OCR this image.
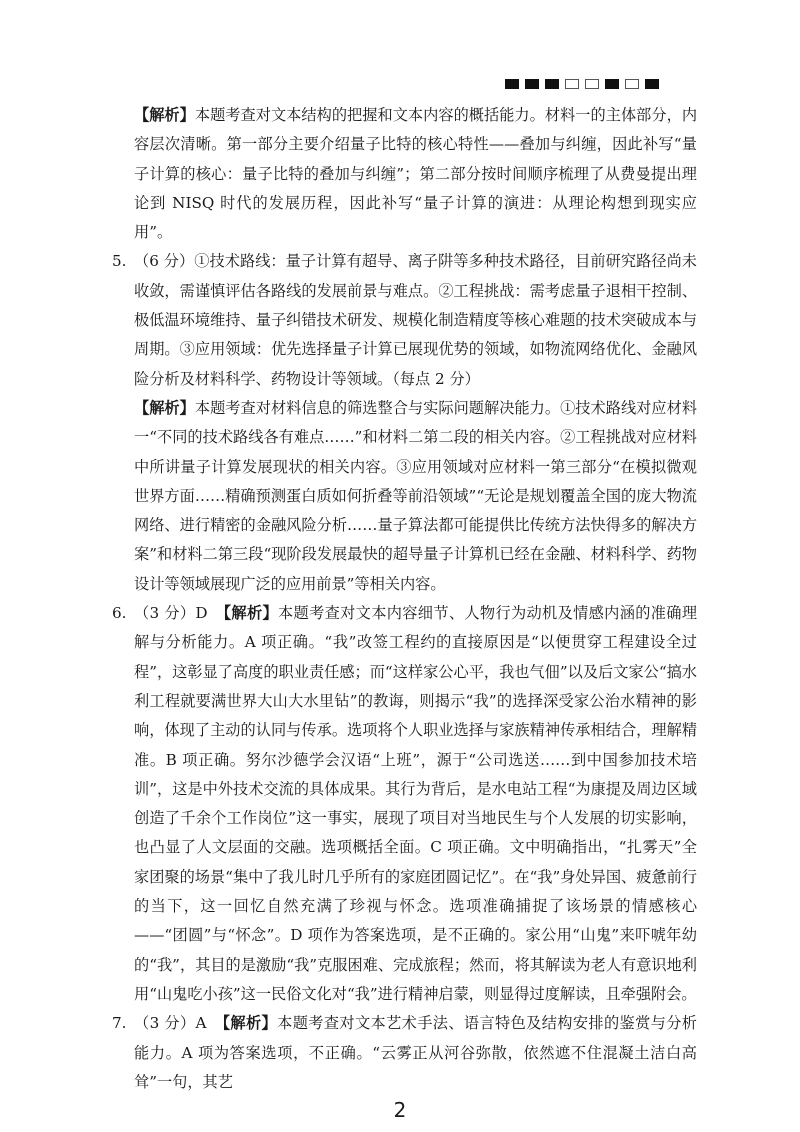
【解析】本题考查对文本结构的把握和文本内容的概括能力。材料一的主体部分，内容层次清晰。第一部分主要介绍量子比特的核心特性——叠加与纠缠，因此补写“量子计算的核心：量子比特的叠加与纠缠”；第二部分按时间顺序梳理了从费曼提出理论到 NISQ 时代的发展历程，因此补写“量子计算的演进：从理论构想到现实应用”。
5. （6 分）①技术路线：量子计算有超导、离子阱等多种技术路径，目前研究路径尚未收敛，需谨慎评估各路线的发展前景与难点。②工程挑战：需考虑量子退相干控制、极低温环境维持、量子纠错技术研发、规模化制造精度等核心难题的技术突破成本与周期。③应用领域：优先选择量子计算已展现优势的领域，如物流网络优化、金融风险分析及材料科学、药物设计等领域。（每点 2 分）
【解析】本题考查对材料信息的筛选整合与实际问题解决能力。①技术路线对应材料一“不同的技术路线各有难点……”和材料二第二段的相关内容。②工程挑战对应材料中所讲量子计算发展现状的相关内容。③应用领域对应材料一第三部分“在模拟微观世界方面……精确预测蛋白质如何折叠等前沿领域”“无论是规划覆盖全国的庞大物流网络、进行精密的金融风险分析……量子算法都可能提供比传统方法快得多的解决方案”和材料二第三段“现阶段发展最快的超导量子计算机已经在金融、材料科学、药物设计等领域展现广泛的应用前景”等相关内容。
6. （3 分）D　【解析】本题考查对文本内容细节、人物行为动机及情感内涵的准确理解与分析能力。A 项正确。“我”改签工程约的直接原因是“以便贯穿工程建设全过程”，这彰显了高度的职业责任感；而“这样家公心平，我也气佃”以及后文家公“搞水利工程就要满世界大山大水里钻”的教诲，则揭示“我”的选择深受家公治水精神的影响，体现了主动的认同与传承。选项将个人职业选择与家族精神传承相结合，理解精准。B 项正确。努尔沙德学会汉语“上班”，源于“公司选送……到中国参加技术培训”，这是中外技术交流的具体成果。其行为背后，是水电站工程“为康提及周边区域创造了千余个工作岗位”这一事实，展现了项目对当地民生与个人发展的切实影响，也凸显了人文层面的交融。选项概括全面。C 项正确。文中明确指出，“扎雾天”全家团聚的场景“集中了我儿时几乎所有的家庭团圆记忆”。在“我”身处异国、疲惫前行的当下，这一回忆自然充满了珍视与怀念。选项准确捕捉了该场景的情感核心——“团圆”与“怀念”。D 项作为答案选项，是不正确的。家公用“山鬼”来吓唬年幼的“我”，其目的是激励“我”克服困难、完成旅程；然而，将其解读为老人有意识地利用“山鬼吃小孩”这一民俗文化对“我”进行精神启蒙，则显得过度解读，且牵强附会。
7. （3 分）A　【解析】本题考查对文本艺术手法、语言特色及结构安排的鉴赏与分析能力。A 项为答案选项，不正确。“云雾正从河谷弥散，依然遮不住混凝土洁白高耸”一句，其艺
2
